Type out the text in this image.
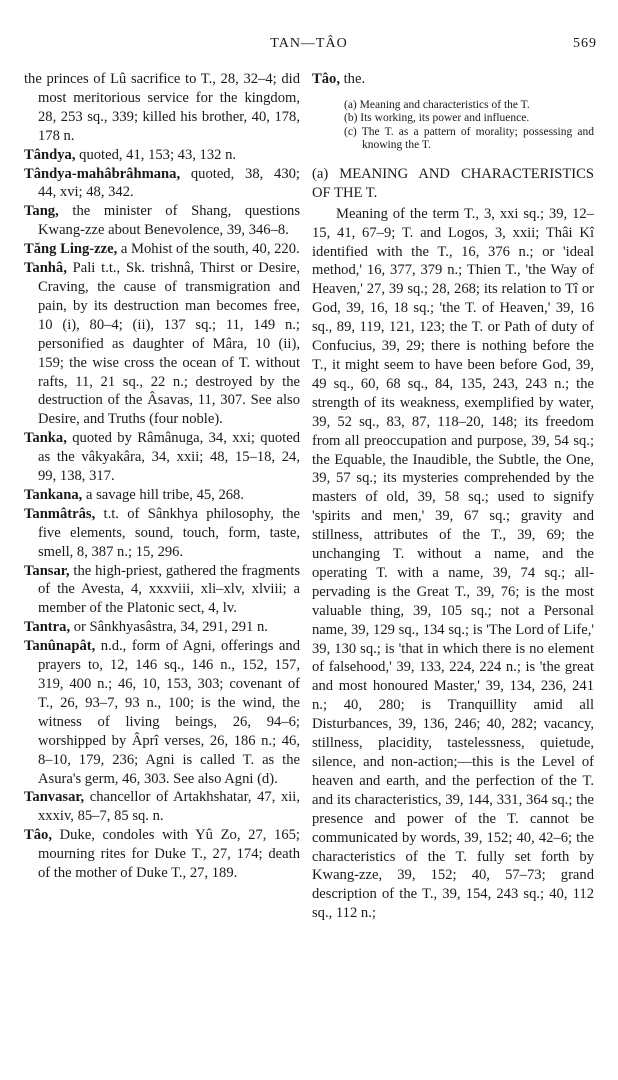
TAN—TÂO	569

the princes of Lû sacrifice to T., 28, 32–4; did most meritorious service for the kingdom, 28, 253 sq., 339; killed his brother, 40, 178, 178 n.

Tândya, quoted, 41, 153; 43, 132 n.

Tândya-mahâbrâhmana, quoted, 38, 430; 44, xvi; 48, 342.

Tang, the minister of Shang, questions Kwang-zze about Benevolence, 39, 346–8.

Tăng Ling-zze, a Mohist of the south, 40, 220.

Tanhâ, Pali t.t., Sk. trishnâ, Thirst or Desire, Craving, the cause of transmigration and pain, by its destruction man becomes free, 10 (i), 80–4; (ii), 137 sq.; 11, 149 n.; personified as daughter of Mâra, 10 (ii), 159; the wise cross the ocean of T. without rafts, 11, 21 sq., 22 n.; destroyed by the destruction of the Âsavas, 11, 307. See also Desire, and Truths (four noble).

Tanka, quoted by Râmânuga, 34, xxi; quoted as the vâkyakâra, 34, xxii; 48, 15–18, 24, 99, 138, 317.

Tankana, a savage hill tribe, 45, 268.

Tanmâtrâs, t.t. of Sânkhya philosophy, the five elements, sound, touch, form, taste, smell, 8, 387 n.; 15, 296.

Tansar, the high-priest, gathered the fragments of the Avesta, 4, xxxviii, xli–xlv, xlviii; a member of the Platonic sect, 4, lv.

Tantra, or Sânkhyasâstra, 34, 291, 291 n.

Tanûnapât, n.d., form of Agni, offerings and prayers to, 12, 146 sq., 146 n., 152, 157, 319, 400 n.; 46, 10, 153, 303; covenant of T., 26, 93–7, 93 n., 100; is the wind, the witness of living beings, 26, 94–6; worshipped by Âprî verses, 26, 186 n.; 46, 8–10, 179, 236; Agni is called T. as the Asura's germ, 46, 303. See also Agni (d).

Tanvasar, chancellor of Artakhshatar, 47, xii, xxxiv, 85–7, 85 sq. n.

Tâo, Duke, condoles with Yû Zo, 27, 165; mourning rites for Duke T., 27, 174; death of the mother of Duke T., 27, 189.

Tâo, the.

(a) Meaning and characteristics of the T.
(b) Its working, its power and influence.
(c) The T. as a pattern of morality; possessing and knowing the T.
(a) MEANING AND CHARACTERISTICS OF THE T.

Meaning of the term T., 3, xxi sq.; 39, 12–15, 41, 67–9; T. and Logos, 3, xxii; Thâi Kî identified with the T., 16, 376 n.; or 'ideal method,' 16, 377, 379 n.; Thien T., 'the Way of Heaven,' 27, 39 sq.; 28, 268; its relation to Tî or God, 39, 16, 18 sq.; 'the T. of Heaven,' 39, 16 sq., 89, 119, 121, 123; the T. or Path of duty of Confucius, 39, 29; there is nothing before the T., it might seem to have been before God, 39, 49 sq., 60, 68 sq., 84, 135, 243, 243 n.; the strength of its weakness, exemplified by water, 39, 52 sq., 83, 87, 118–20, 148; its freedom from all preoccupation and purpose, 39, 54 sq.; the Equable, the Inaudible, the Subtle, the One, 39, 57 sq.; its mysteries comprehended by the masters of old, 39, 58 sq.; used to signify 'spirits and men,' 39, 67 sq.; gravity and stillness, attributes of the T., 39, 69; the unchanging T. without a name, and the operating T. with a name, 39, 74 sq.; all-pervading is the Great T., 39, 76; is the most valuable thing, 39, 105 sq.; not a Personal name, 39, 129 sq., 134 sq.; is 'The Lord of Life,' 39, 130 sq.; is 'that in which there is no element of falsehood,' 39, 133, 224, 224 n.; is 'the great and most honoured Master,' 39, 134, 236, 241 n.; 40, 280; is Tranquillity amid all Disturbances, 39, 136, 246; 40, 282; vacancy, stillness, placidity, tastelessness, quietude, silence, and non-action;—this is the Level of heaven and earth, and the perfection of the T. and its characteristics, 39, 144, 331, 364 sq.; the presence and power of the T. cannot be communicated by words, 39, 152; 40, 42–6; the characteristics of the T. fully set forth by Kwang-zze, 39, 152; 40, 57–73; grand description of the T., 39, 154, 243 sq.; 40, 112 sq., 112 n.;
